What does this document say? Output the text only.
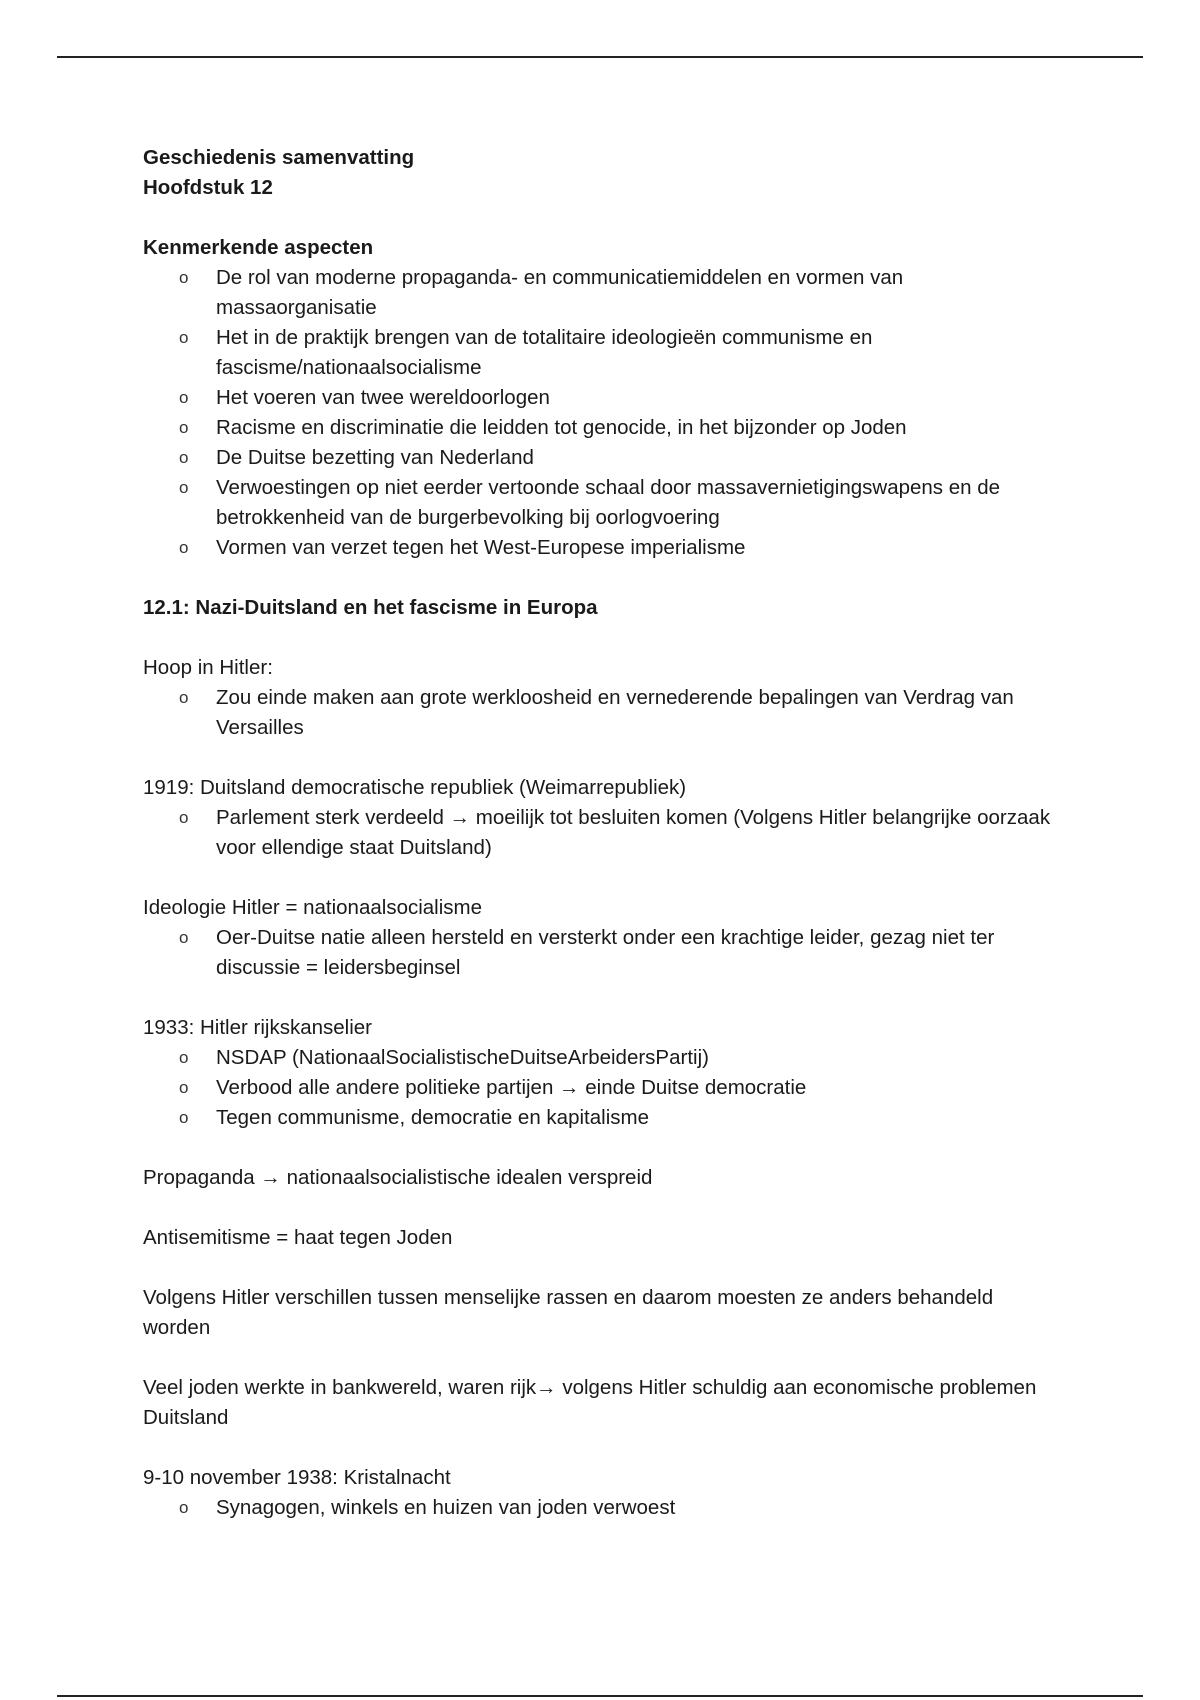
Geschiedenis samenvatting

Hoofdstuk 12

Kenmerkende aspecten

o De rol van moderne propaganda- en communicatiemiddelen en vormen van massaorganisatie
o Het in de praktijk brengen van de totalitaire ideologieën communisme en fascisme/nationaalsocialisme
o Het voeren van twee wereldoorlogen
o Racisme en discriminatie die leidden tot genocide, in het bijzonder op Joden
o De Duitse bezetting van Nederland
o Verwoestingen op niet eerder vertoonde schaal door massavernietigingswapens en de betrokkenheid van de burgerbevolking bij oorlogvoering
o Vormen van verzet tegen het West-Europese imperialisme

12.1: Nazi-Duitsland en het fascisme in Europa

Hoop in Hitler:

o Zou einde maken aan grote werkloosheid en vernederende bepalingen van Verdrag van Versailles

1919: Duitsland democratische republiek (Weimarrepubliek)

o Parlement sterk verdeeld → moeilijk tot besluiten komen (Volgens Hitler belangrijke oorzaak voor ellendige staat Duitsland)

Ideologie Hitler = nationaalsocialisme

o Oer-Duitse natie alleen hersteld en versterkt onder een krachtige leider, gezag niet ter discussie = leidersbeginsel

1933: Hitler rijkskanselier

o NSDAP (NationaalSocialistischeDuitseArbeidersPartij)
o Verbood alle andere politieke partijen → einde Duitse democratie
o Tegen communisme, democratie en kapitalisme

Propaganda → nationaalsocialistische idealen verspreid

Antisemitisme = haat tegen Joden

Volgens Hitler verschillen tussen menselijke rassen en daarom moesten ze anders behandeld worden

Veel joden werkte in bankwereld, waren rijk→ volgens Hitler schuldig aan economische problemen Duitsland

9-10 november 1938: Kristalnacht

o Synagogen, winkels en huizen van joden verwoest
